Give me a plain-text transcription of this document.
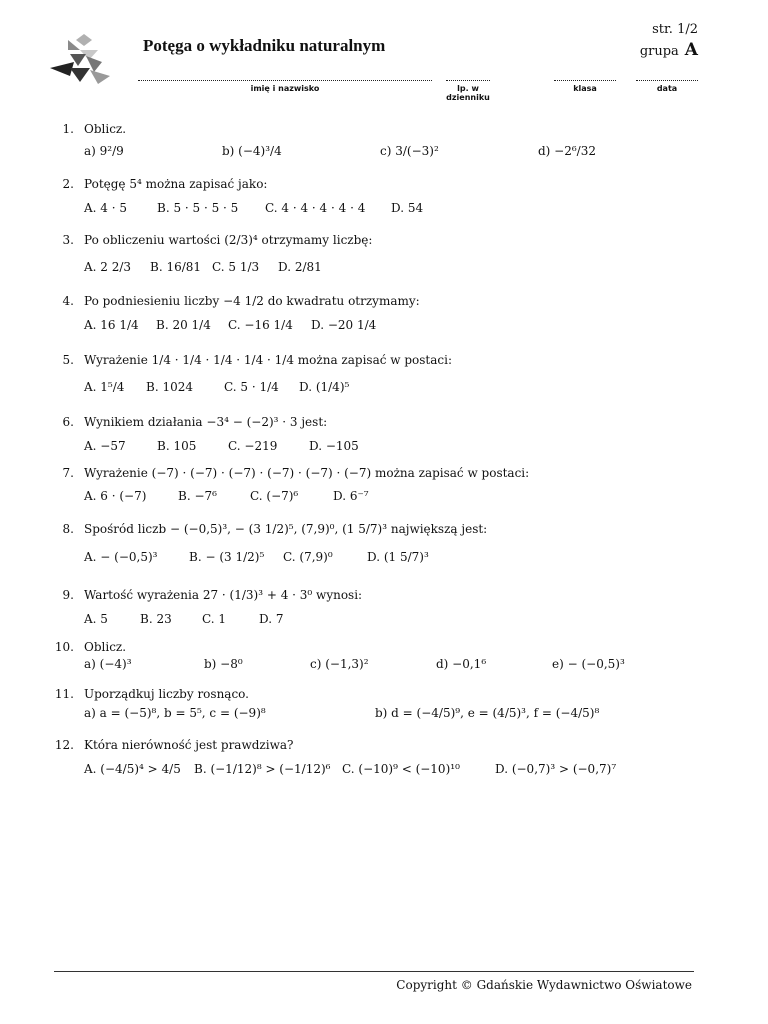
Potęga o wykładniku naturalnym
str. 1/2
grupa A
imię i nazwisko	lp. w dzienniku
klasa	data
1. Oblicz.
a) 9²/9	b) (−4)³/4	c) 3/(−3)²	d) −2⁶/32
2. Potęgę 5⁴ można zapisać jako:
A. 4 · 5 B. 5 · 5 · 5 · 5 C. 4 · 4 · 4 · 4 · 4 D. 54
3. Po obliczeniu wartości (2/3)⁴ otrzymamy liczbę:
A. 2 2/3 B. 16/81 C. 5 1/3 D. 2/81
4. Po podniesieniu liczby −4 1/2 do kwadratu otrzymamy:
A. 16 1/4 B. 20 1/4 C. −16 1/4 D. −20 1/4
5. Wyrażenie 1/4 · 1/4 · 1/4 · 1/4 · 1/4 można zapisać w postaci:
A. 1⁵/4 B. 1024	C. 5 · 1/4 D. (1/4)⁵
6. Wynikiem działania −3⁴ − (−2)³ · 3 jest:
A. −57	B. 105	C. −219	D. −105
7. Wyrażenie (−7) · (−7) · (−7) · (−7) · (−7) · (−7) można zapisać w postaci:
A. 6 · (−7)	B. −7⁶	C. (−7)⁶	D. 6⁻⁷
8. Spośród liczb − (−0,5)³, − (3 1/2)⁵, (7,9)⁰, (1 5/7)³ największą jest:
A. − (−0,5)³	B. − (3 1/2)⁵ C. (7,9)⁰	D. (1 5/7)³
9. Wartość wyrażenia 27 · (1/3)³ + 4 · 3⁰ wynosi:
A. 5	B. 23	C. 1	D. 7
10. Oblicz.
a) (−4)³	b) −8⁰	c) (−1,3)²	d) −0,1⁶	e) − (−0,5)³
11. Uporządkuj liczby rosnąco.
a) a = (−5)⁸, b = 5⁵, c = (−9)⁸	b) d = (−4/5)⁹, e = (4/5)³, f = (−4/5)⁸
12. Która nierówność jest prawdziwa?
A. (−4/5)⁴ > 4/5 B. (−1/12)⁸ > (−1/12)⁶ C. (−10)⁹ < (−10)¹⁰	D. (−0,7)³ > (−0,7)⁷
Copyright © Gdańskie Wydawnictwo Oświatowe
